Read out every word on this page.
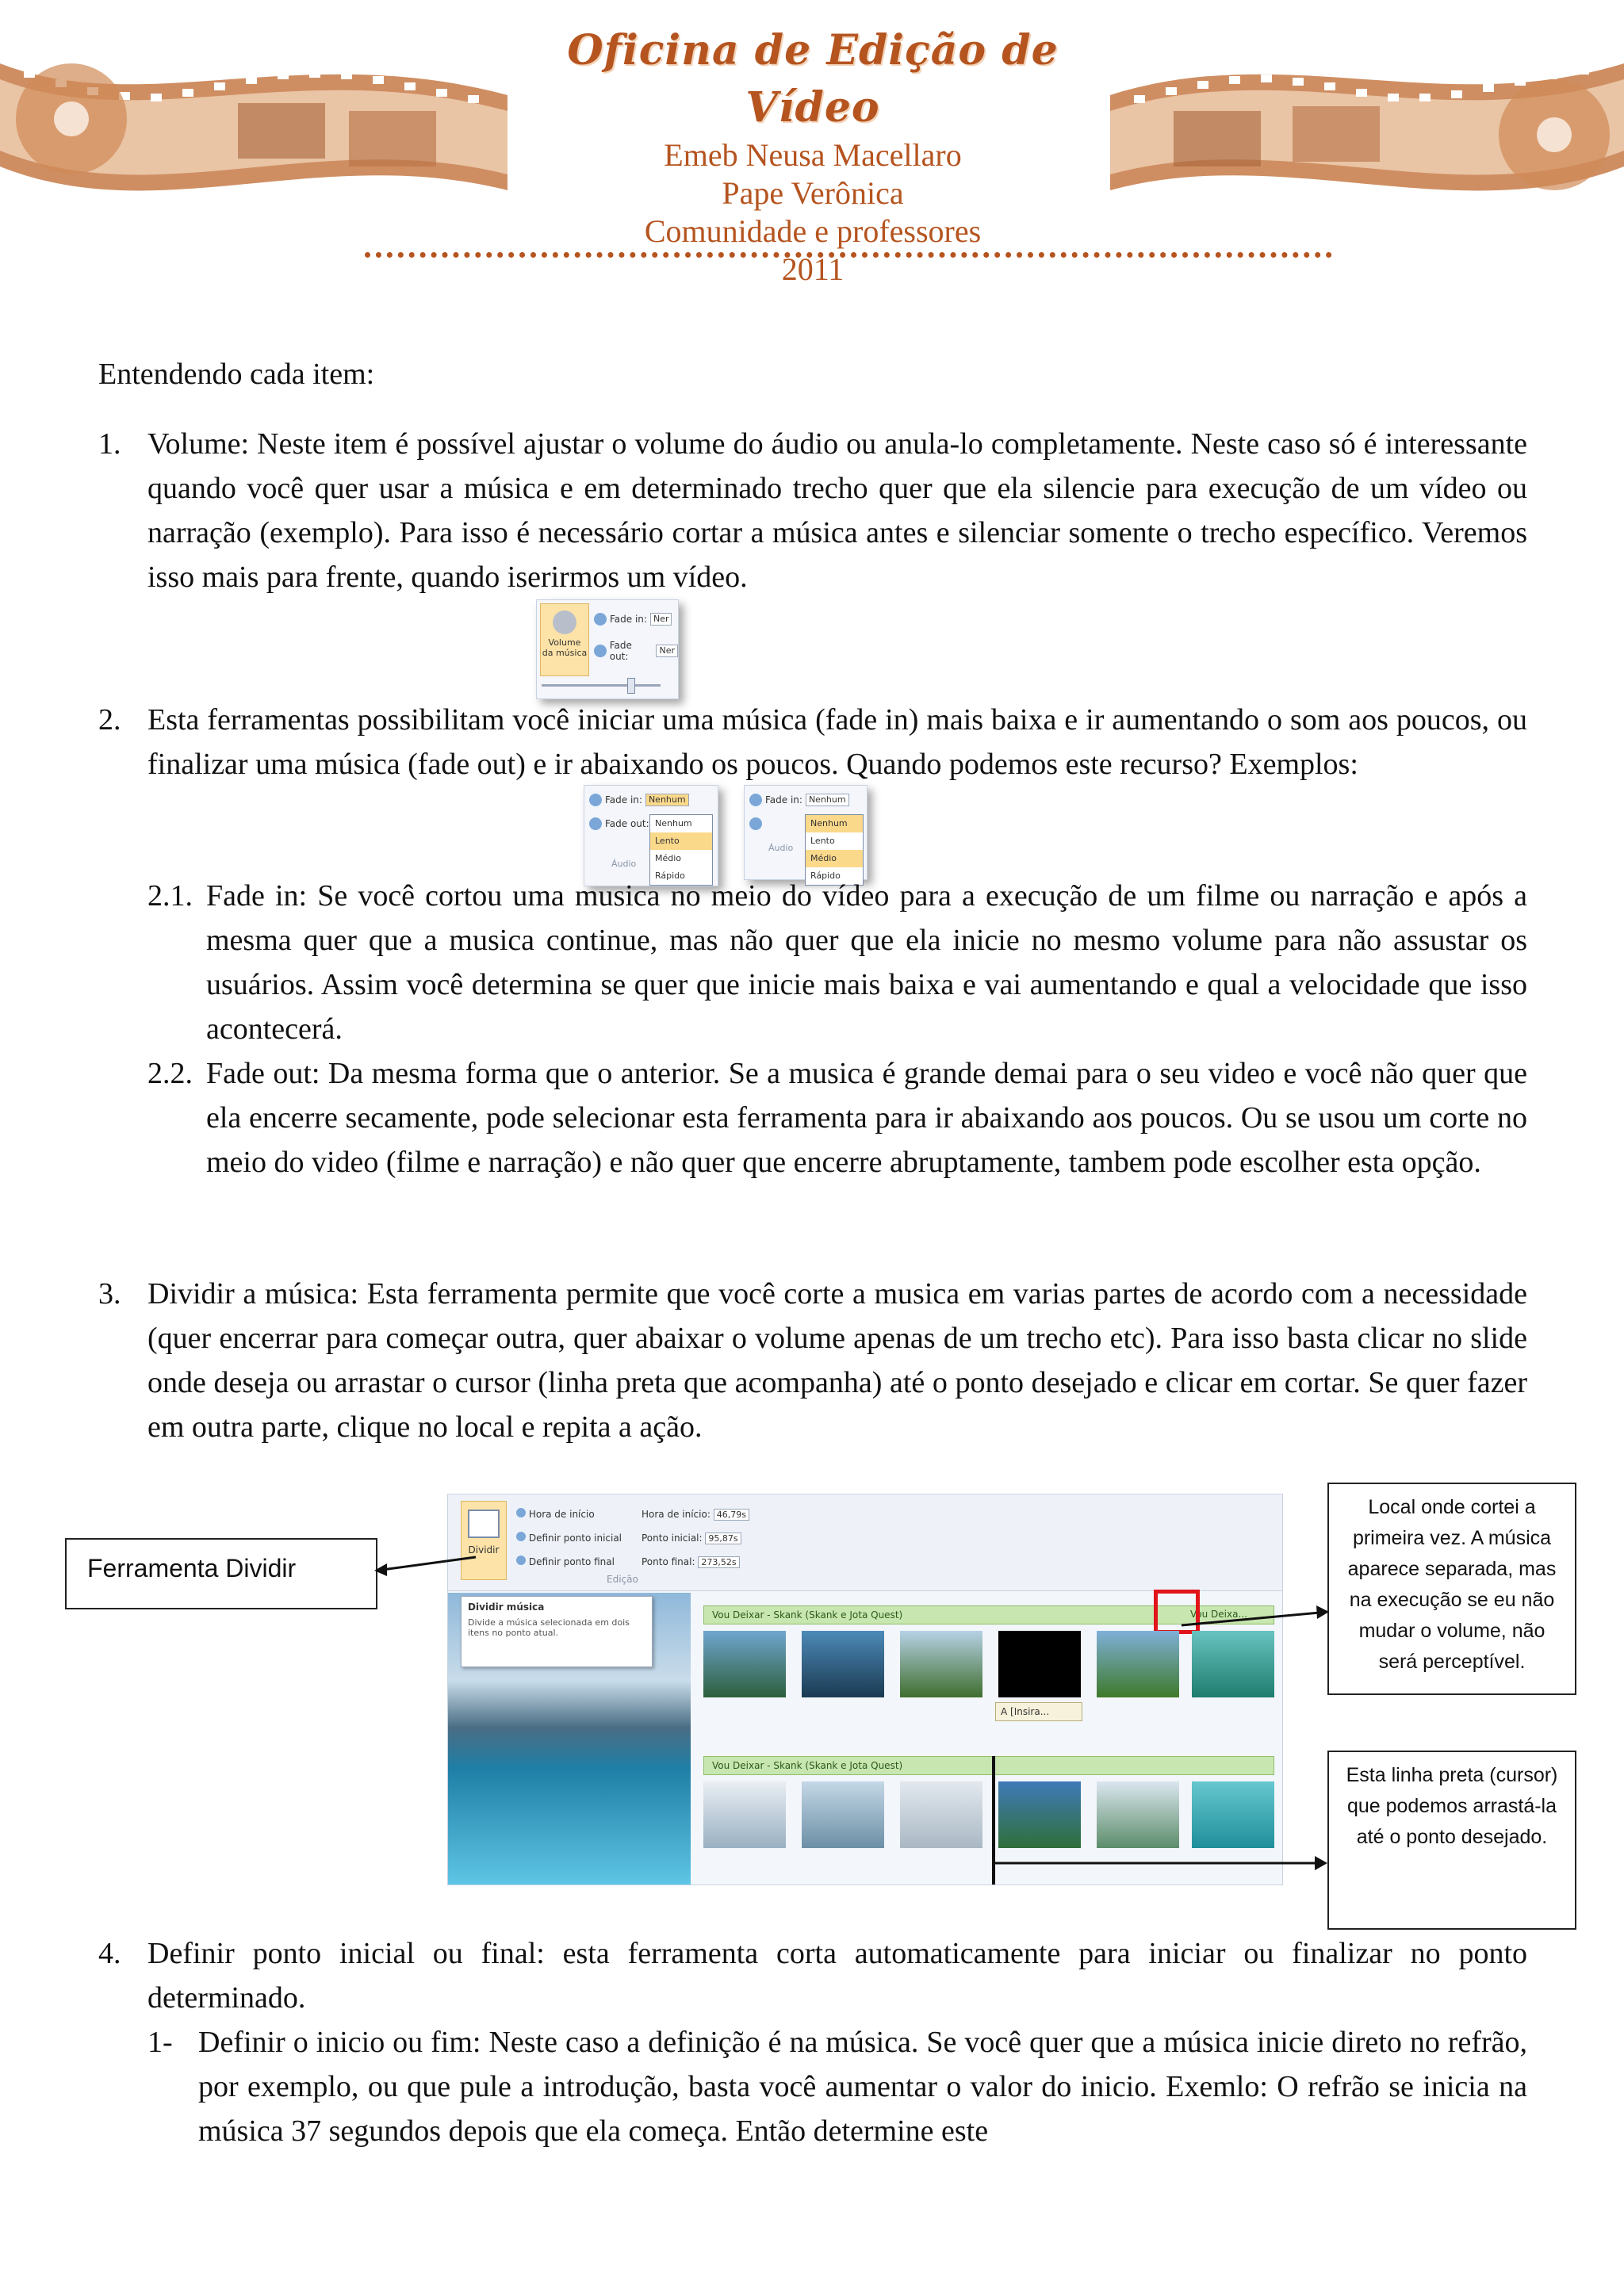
Oficina de Edição de Vídeo
Emeb Neusa Macellaro
Pape Verônica
Comunidade e professores
2011
Entendendo cada item:
1. Volume: Neste item é possível ajustar o volume do áudio ou anula-lo completamente. Neste caso só é interessante quando você quer usar a música e em determinado trecho quer que ela silencie para execução de um vídeo ou narração (exemplo). Para isso é necessário cortar a música antes e silenciar somente o trecho específico. Veremos isso mais para frente, quando iserirmos um vídeo.
Volume
da música
Fade in: Ner
Fade out:
Ner
2. Esta ferramentas possibilitam você iniciar uma música (fade in) mais baixa e ir aumentando o som aos poucos, ou finalizar uma música (fade out) e ir abaixando os poucos. Quando podemos este recurso? Exemplos:
Fade in: Nenhum
Fade out:
Áudio
Nenhum
Lento
Médio
Rápido
Fade in: Nenhum
Áudio
Nenhum
Lento
Médio
Rápido
2.1. Fade in: Se você cortou uma musica no meio do vídeo para a execução de um filme ou narração e após a mesma quer que a musica continue, mas não quer que ela inicie no mesmo volume para não assustar os usuários. Assim você determina se quer que inicie mais baixa e vai aumentando e qual a velocidade que isso acontecerá.
2.2. Fade out: Da mesma forma que o anterior. Se a musica é grande demai para o seu video e você não quer que ela encerre secamente, pode selecionar esta ferramenta para ir abaixando aos poucos. Ou se usou um corte no meio do video (filme e narração) e não quer que encerre abruptamente, tambem pode escolher esta opção.
3. Dividir a música: Esta ferramenta permite que você corte a musica em varias partes de acordo com a necessidade (quer encerrar para começar outra, quer abaixar o volume apenas de um trecho etc). Para isso basta clicar no slide onde deseja ou arrastar o cursor (linha preta que acompanha) até o ponto desejado e clicar em cortar. Se quer fazer em outra parte, clique no local e repita a ação.
Dividir
Hora de início
Definir ponto inicial
Definir ponto final
Hora de início: 46,79s
Ponto inicial: 95,87s
Ponto final: 273,52s
Edição
Dividir música
Divide a música selecionada em dois itens no ponto atual.
Vou Deixar - Skank (Skank e Jota Quest)	Vou Deixa...
A [Insira...
Vou Deixar - Skank (Skank e Jota Quest)
Ferramenta Dividir
Local onde cortei a primeira vez. A música aparece separada, mas na execução se eu não mudar o volume, não será perceptível.
Esta linha preta (cursor) que podemos arrastá-la até o ponto desejado.
4. Definir ponto inicial ou final: esta ferramenta corta automaticamente para iniciar ou finalizar no ponto determinado.
1- Definir o inicio ou fim: Neste caso a definição é na música. Se você quer que a música inicie direto no refrão, por exemplo, ou que pule a introdução, basta você aumentar o valor do inicio. Exemlo: O refrão se inicia na música 37 segundos depois que ela começa. Então determine este
